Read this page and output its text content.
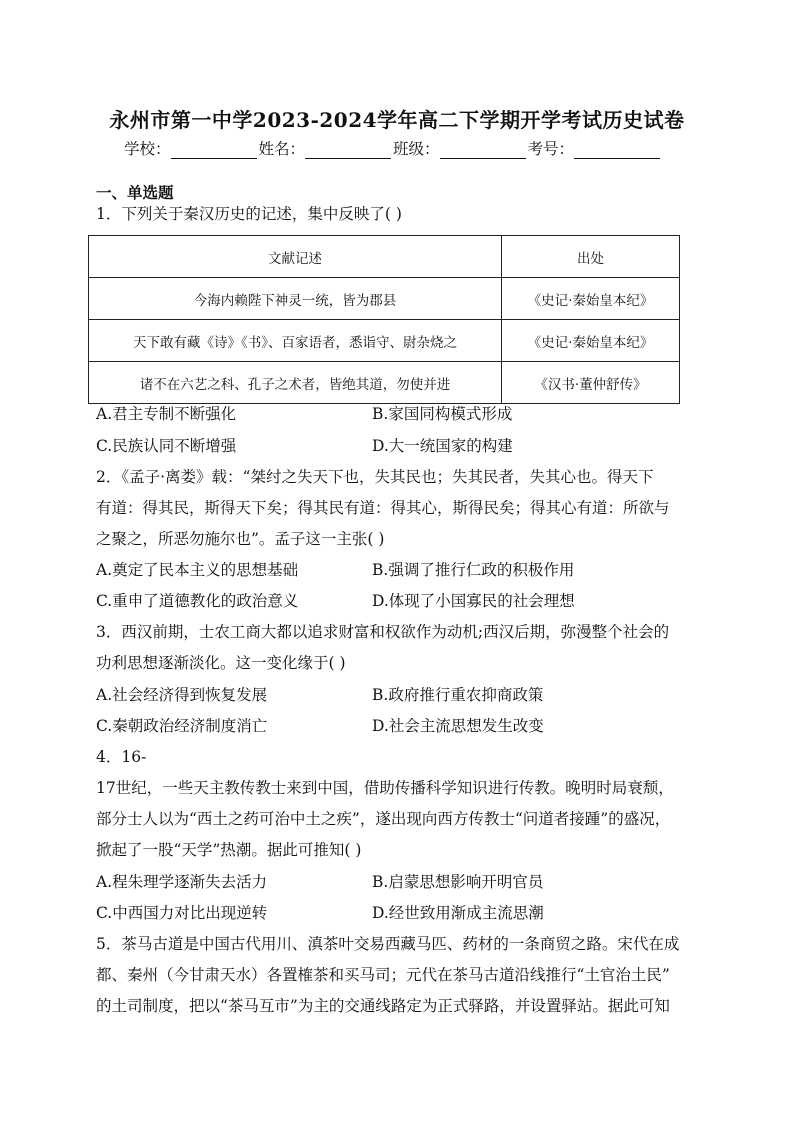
永州市第一中学2023-2024学年高二下学期开学考试历史试卷
学校：	姓名：	班级：	考号：
一、单选题
1．下列关于秦汉历史的记述，集中反映了( )
文献记述	出处
今海内赖陛下神灵一统，皆为郡县	《史记·秦始皇本纪》
天下敢有藏《诗》《书》、百家语者，悉诣守、尉杂烧之	《史记·秦始皇本纪》
诸不在六艺之科、孔子之术者，皆绝其道，勿使并进	《汉书·董仲舒传》
A.君主专制不断强化	B.家国同构模式形成
C.民族认同不断增强	D.大一统国家的构建
2．《孟子·离娄》载：“桀纣之失天下也，失其民也；失其民者，失其心也。得天下
有道：得其民，斯得天下矣；得其民有道：得其心，斯得民矣；得其心有道：所欲与
之聚之，所恶勿施尔也”。孟子这一主张( )
A.奠定了民本主义的思想基础	B.强调了推行仁政的积极作用
C.重申了道德教化的政治意义	D.体现了小国寡民的社会理想
3．西汉前期，士农工商大都以追求财富和权欲作为动机;西汉后期，弥漫整个社会的
功利思想逐渐淡化。这一变化缘于( )
A.社会经济得到恢复发展	B.政府推行重农抑商政策
C.秦朝政治经济制度消亡	D.社会主流思想发生改变
4．16-
17世纪，一些天主教传教士来到中国，借助传播科学知识进行传教。晚明时局衰颓，
部分士人以为“西土之药可治中土之疾”，遂出现向西方传教士“问道者接踵”的盛况，
掀起了一股“天学”热潮。据此可推知( )
A.程朱理学逐渐失去活力	B.启蒙思想影响开明官员
C.中西国力对比出现逆转	D.经世致用渐成主流思潮
5．茶马古道是中国古代用川、滇茶叶交易西藏马匹、药材的一条商贸之路。宋代在成
都、秦州（今甘肃天水）各置榷茶和买马司；元代在茶马古道沿线推行“土官治土民”
的土司制度，把以“茶马互市”为主的交通线路定为正式驿路，并设置驿站。据此可知
